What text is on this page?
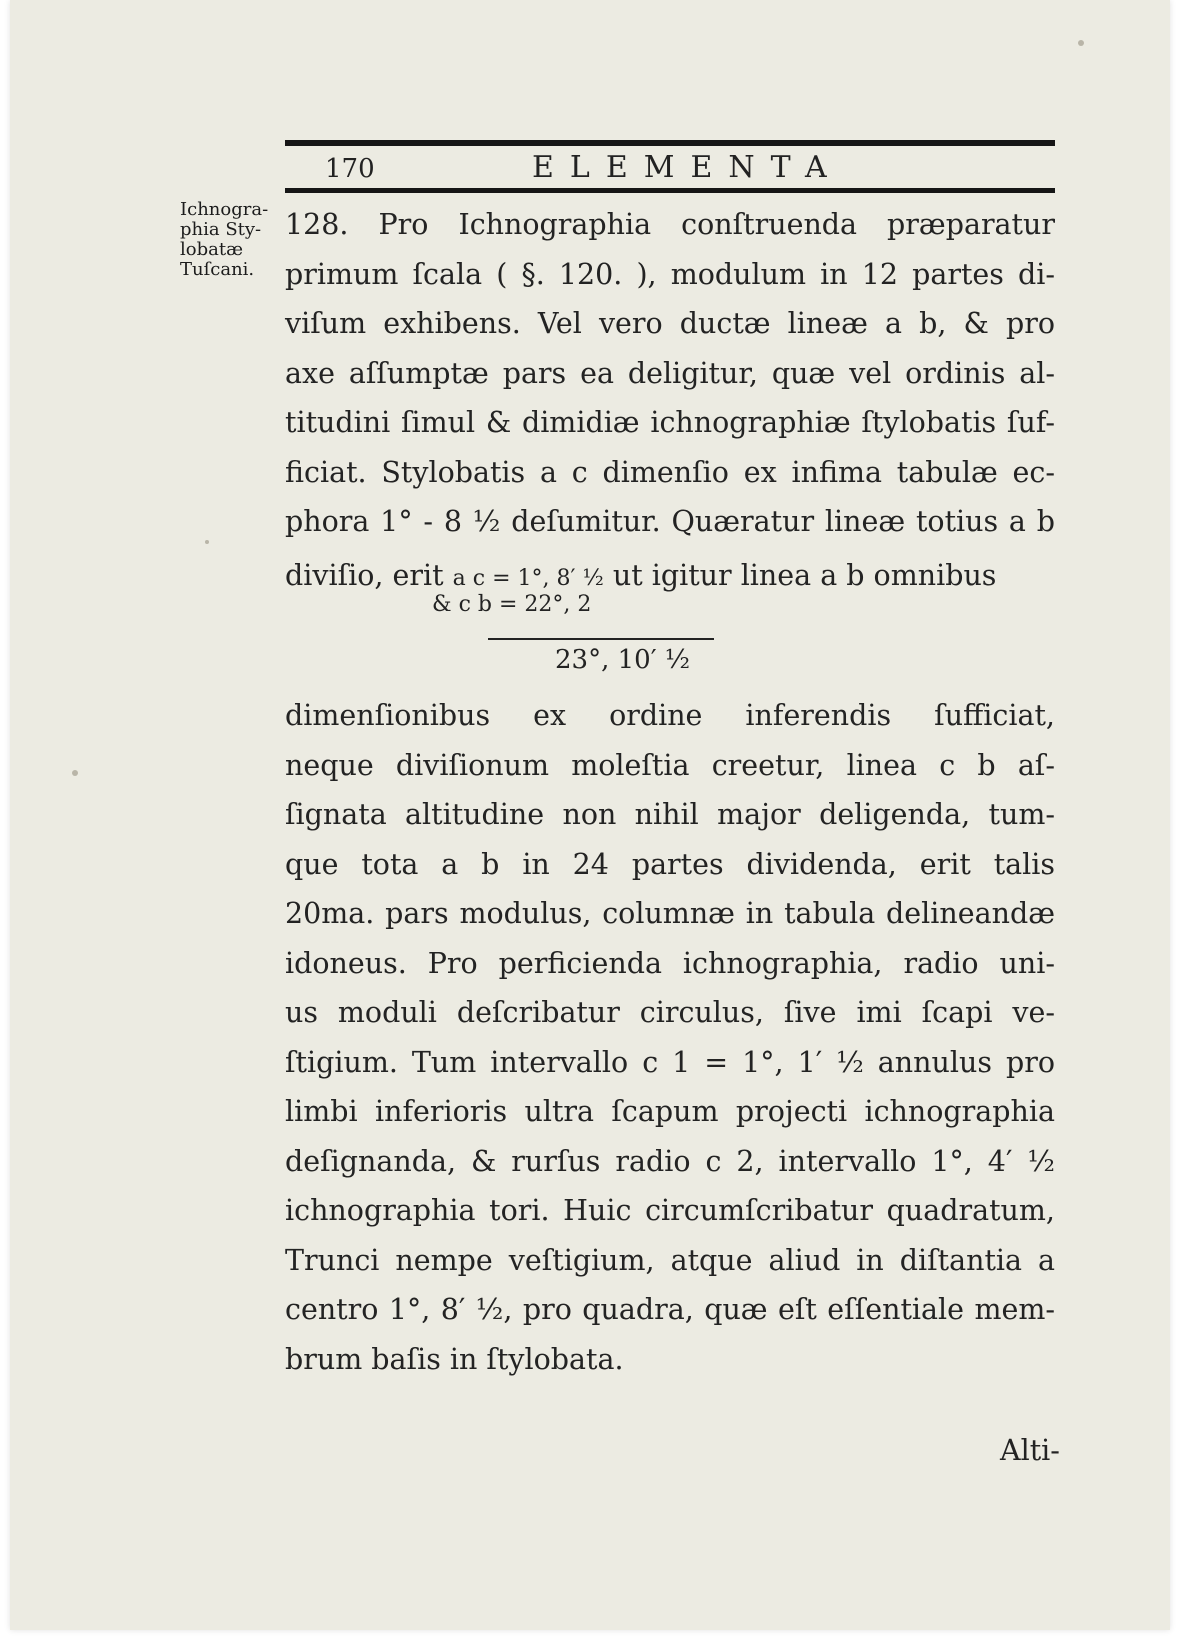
170	ELEMENTA
Ichnogra-
phia Sty-
lobatæ
Tuſcani.
128. Pro Ichnographia conſtruenda præparatur
primum ſcala ( §. 120. ), modulum in 12 partes di-
viſum exhibens. Vel vero ductæ lineæ a b, & pro
axe aſſumptæ pars ea deligitur, quæ vel ordinis al-
titudini ſimul & dimidiæ ichnographiæ ſtylobatis ſuf-
ficiat. Stylobatis a c dimenſio ex infima tabulæ ec-
phora 1° - 8 ½ deſumitur. Quæratur lineæ totius a b
diviſio, erit a c = 1°, 8′ ½ ut igitur linea a b omnibus
& c b = 22°, 2
23°, 10′ ½
dimenſionibus ex ordine inferendis ſufficiat,
neque diviſionum moleſtia creetur, linea c b aſ-
ſignata altitudine non nihil major deligenda, tum-
que tota a b in 24 partes dividenda, erit talis
20ma. pars modulus, columnæ in tabula delineandæ
idoneus. Pro perficienda ichnographia, radio uni-
us moduli deſcribatur circulus, ſive imi ſcapi ve-
ſtigium. Tum intervallo c 1 = 1°, 1′ ½ annulus pro
limbi inferioris ultra ſcapum projecti ichnographia
deſignanda, & rurſus radio c 2, intervallo 1°, 4′ ½
ichnographia tori. Huic circumſcribatur quadratum,
Trunci nempe veſtigium, atque aliud in diſtantia a
centro 1°, 8′ ½, pro quadra, quæ eſt eſſentiale mem-
brum baſis in ſtylobata.
Alti-
